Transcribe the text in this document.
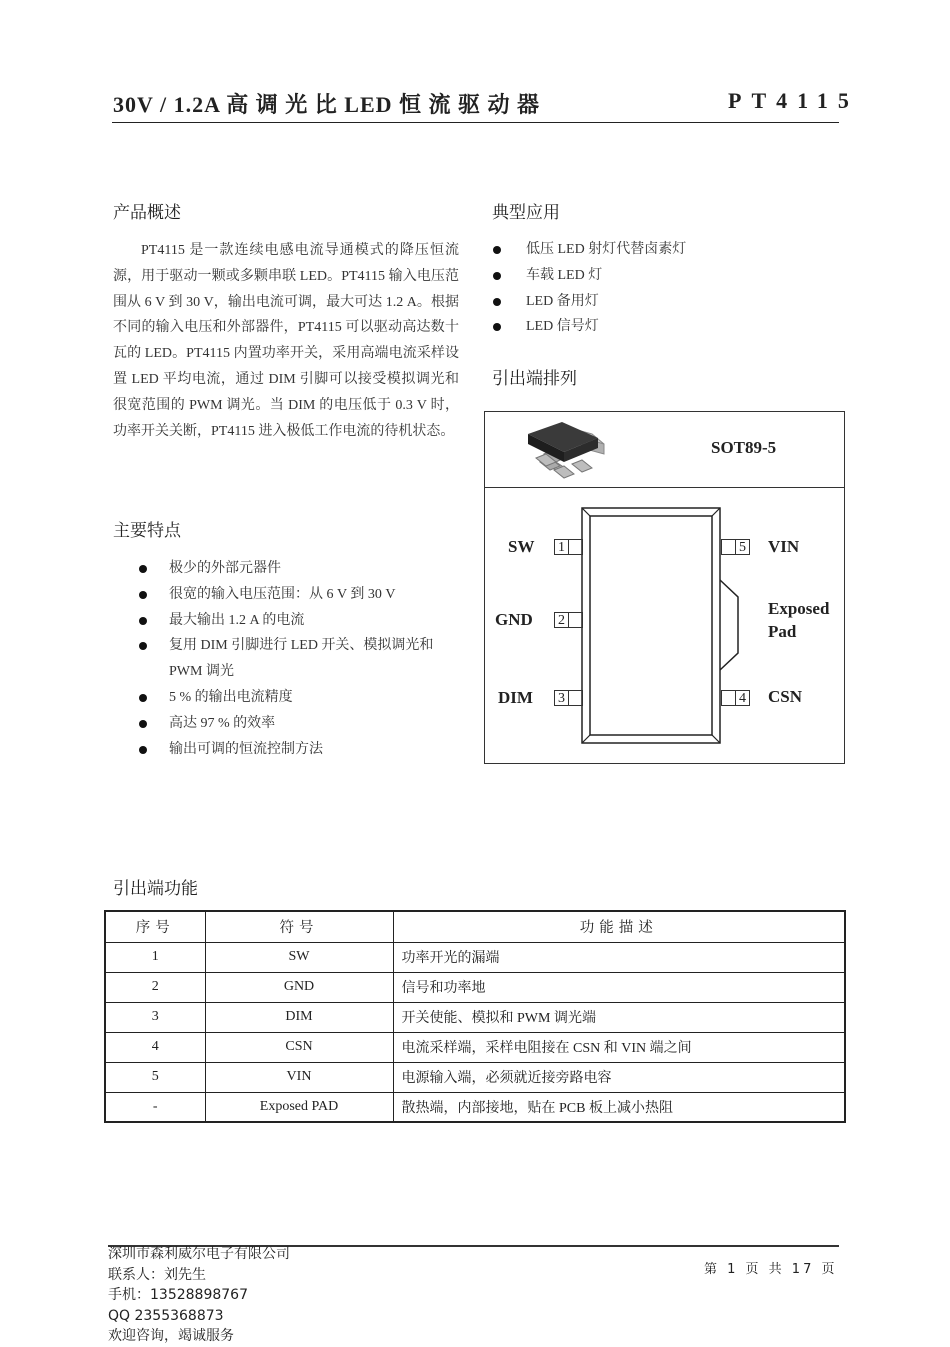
30V / 1.2A 高 调 光 比 LED 恒 流 驱 动 器	PT4115
产品概述

PT4115 是一款连续电感电流导通模式的降压恒流源，用于驱动一颗或多颗串联 LED。PT4115 输入电压范围从 6 V 到 30 V，输出电流可调，最大可达 1.2 A。根据不同的输入电压和外部器件，PT4115 可以驱动高达数十瓦的 LED。PT4115 内置功率开关，采用高端电流采样设置 LED 平均电流，通过 DIM 引脚可以接受模拟调光和很宽范围的 PWM 调光。当 DIM 的电压低于 0.3 V 时，功率开关关断，PT4115 进入极低工作电流的待机状态。

主要特点
极少的外部元器件
很宽的输入电压范围：从 6 V 到 30 V
最大输出 1.2 A 的电流
复用 DIM 引脚进行 LED 开关、模拟调光和 PWM 调光
5 % 的输出电流精度
高达 97 % 的效率
输出可调的恒流控制方法
典型应用
低压 LED 射灯代替卤素灯
车载 LED 灯
LED 备用灯
LED 信号灯
引出端排列
SOT89-5
SW 1
GND 2
DIM 3
5 VIN
Exposed
Pad
4 CSN
引出端功能
序号	符号	功能描述
1	SW	功率开光的漏端
2	GND	信号和功率地
3	DIM	开关使能、模拟和 PWM 调光端
4	CSN	电流采样端，采样电阻接在 CSN 和 VIN 端之间
5	VIN	电源输入端，必须就近接旁路电容
-	Exposed PAD	散热端，内部接地，贴在 PCB 板上减小热阻
深圳市森利威尔电子有限公司
联系人：刘先生
手机：13528898767
QQ 2355368873
欢迎咨询，竭诚服务
第 1 页 共 17 页
